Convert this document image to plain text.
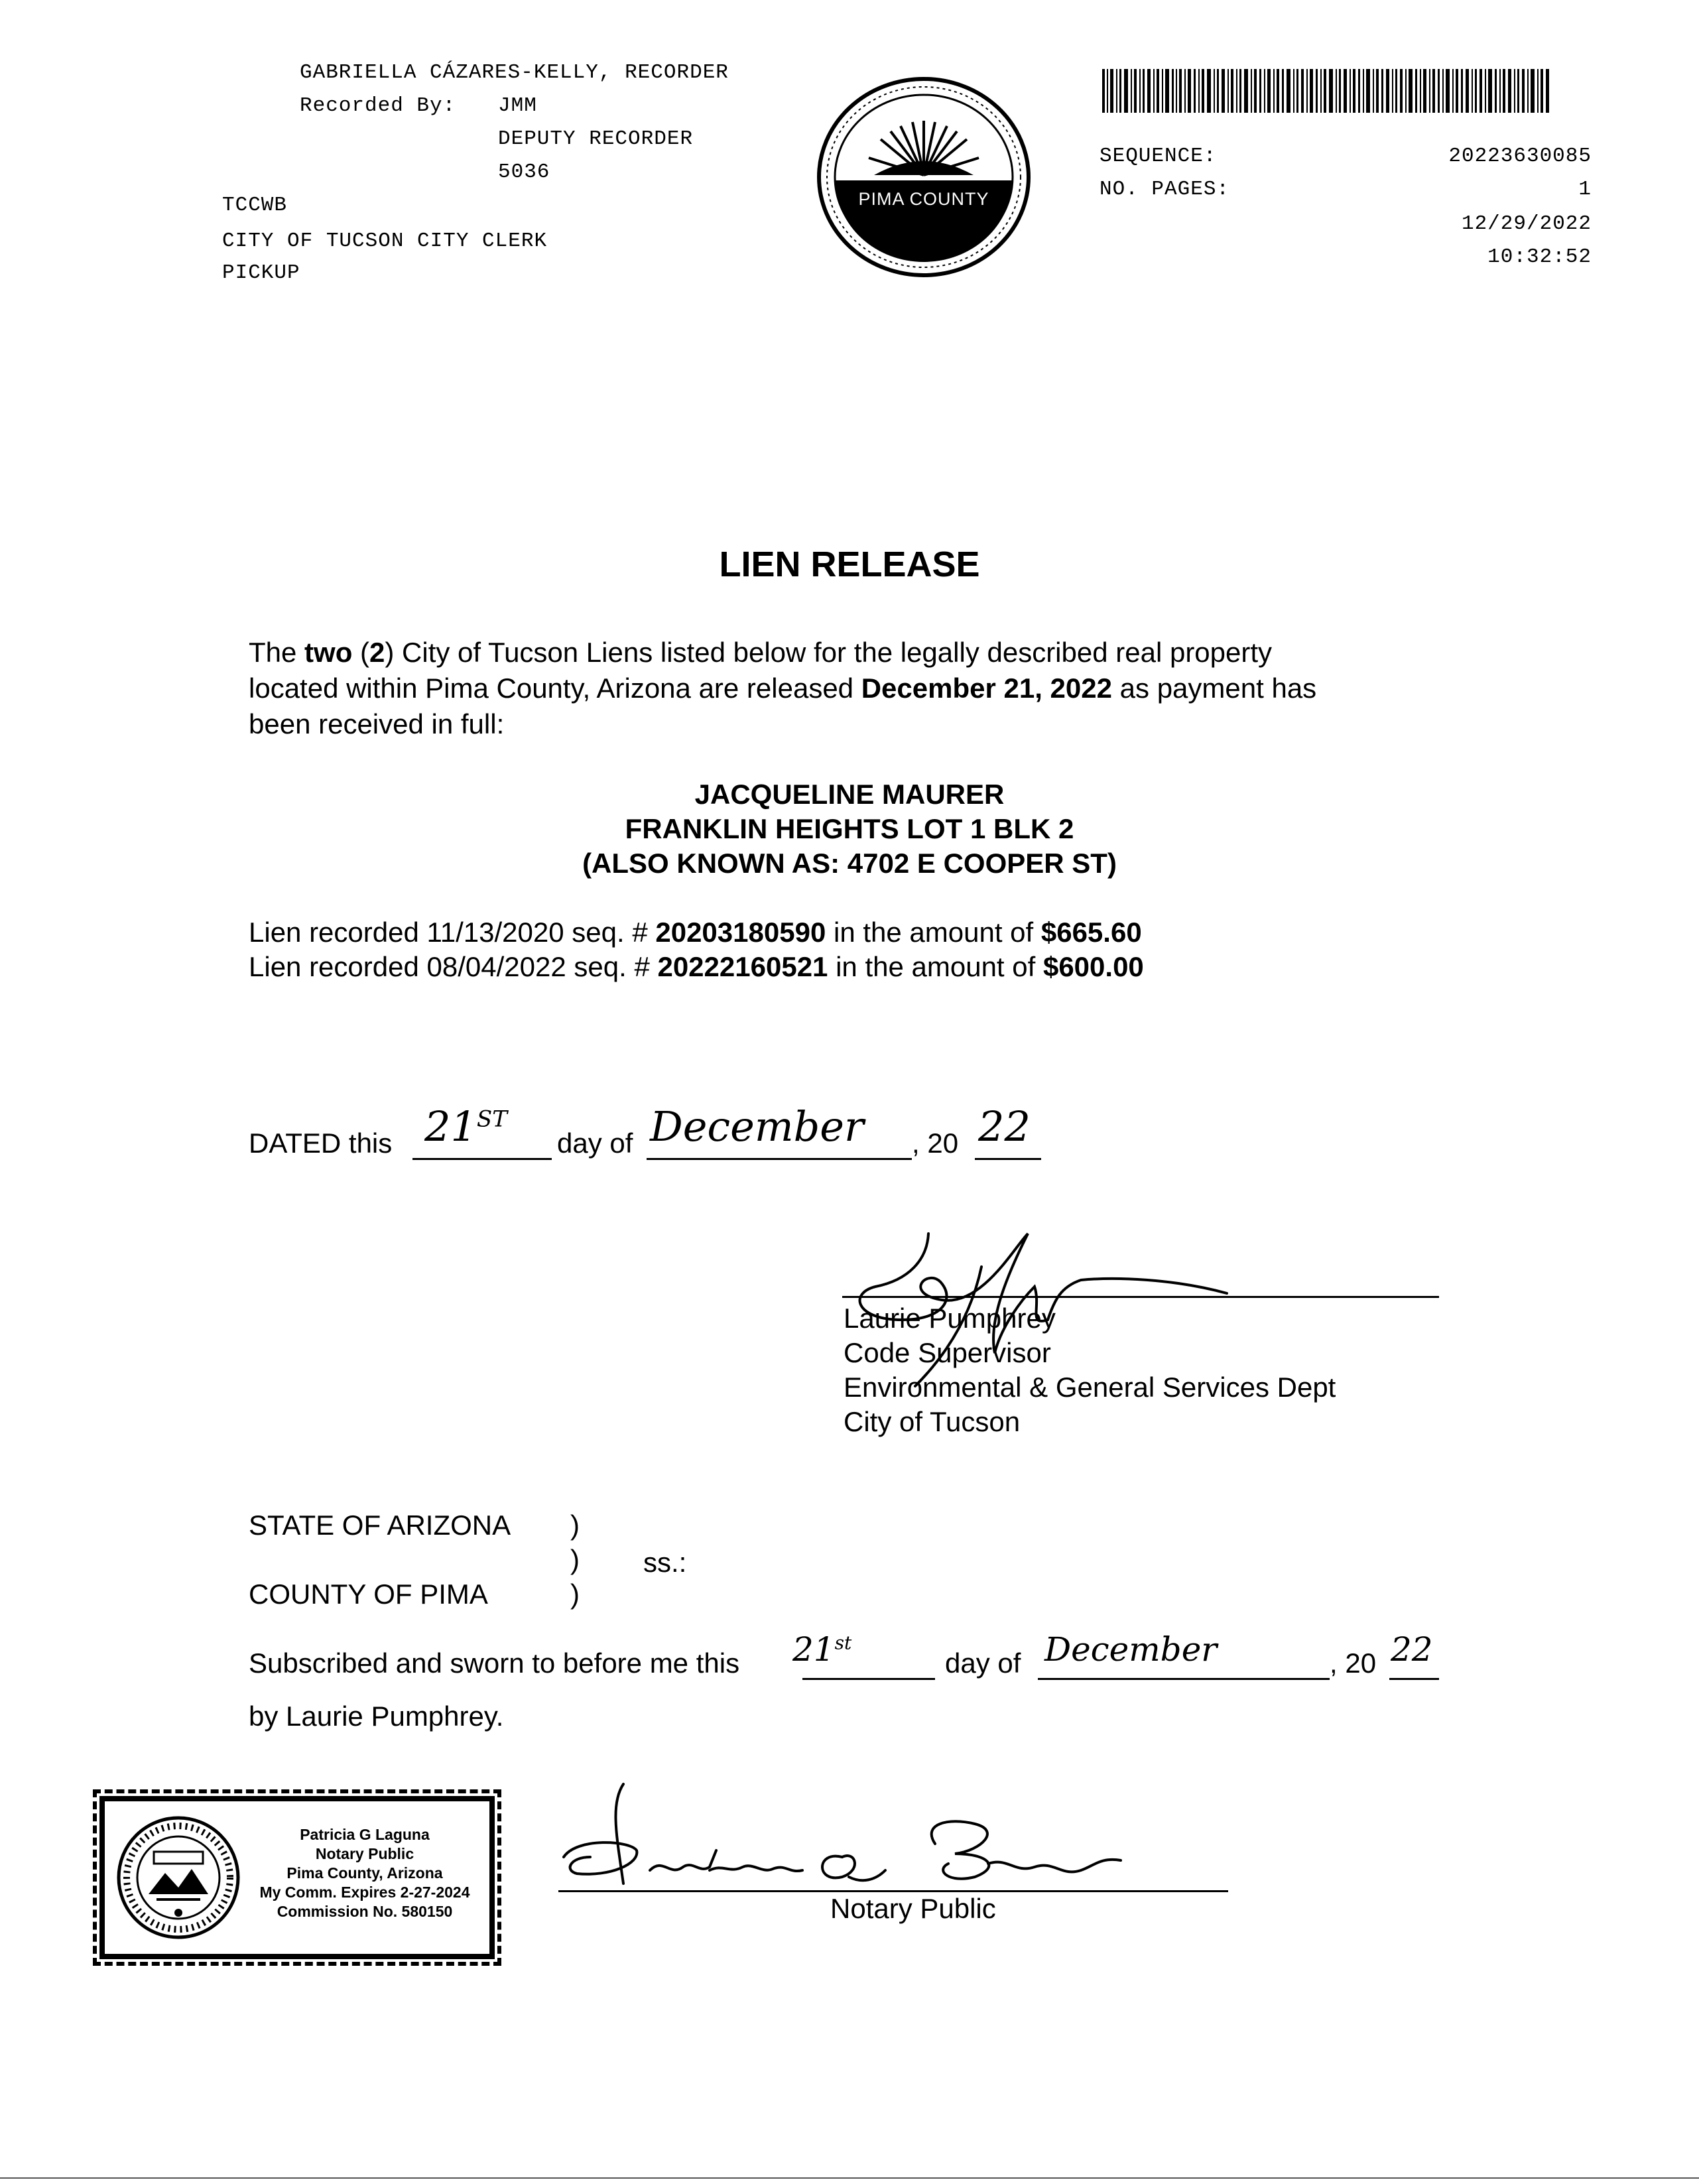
GABRIELLA CÁZARES-KELLY, RECORDER
Recorded By: JMM
DEPUTY RECORDER
5036
TCCWB
CITY OF TUCSON CITY CLERK
PICKUP
PIMA COUNTY
SEQUENCE:	20223630085
NO. PAGES:	1
12/29/2022
10:32:52
LIEN RELEASE
The two (2) City of Tucson Liens listed below for the legally described real property
located within Pima County, Arizona are released December 21, 2022 as payment has
been received in full:
JACQUELINE MAURER
FRANKLIN HEIGHTS LOT 1 BLK 2
(ALSO KNOWN AS: 4702 E COOPER ST)
Lien recorded 11/13/2020 seq. # 20203180590 in the amount of $665.60
Lien recorded 08/04/2022 seq. # 20222160521 in the amount of $600.00
DATED this 21ST
day of December , 20 22
Laurie Pumphrey
Code Supervisor
Environmental & General Services Dept
City of Tucson
STATE OF ARIZONA )
) ss.:
COUNTY OF PIMA	)
Subscribed and sworn to before me this 21st
day of December	, 20 22
by Laurie Pumphrey.
Patricia G Laguna
Notary Public
Pima County, Arizona
My Comm. Expires 2-27-2024
Commission No. 580150	Notary Public
